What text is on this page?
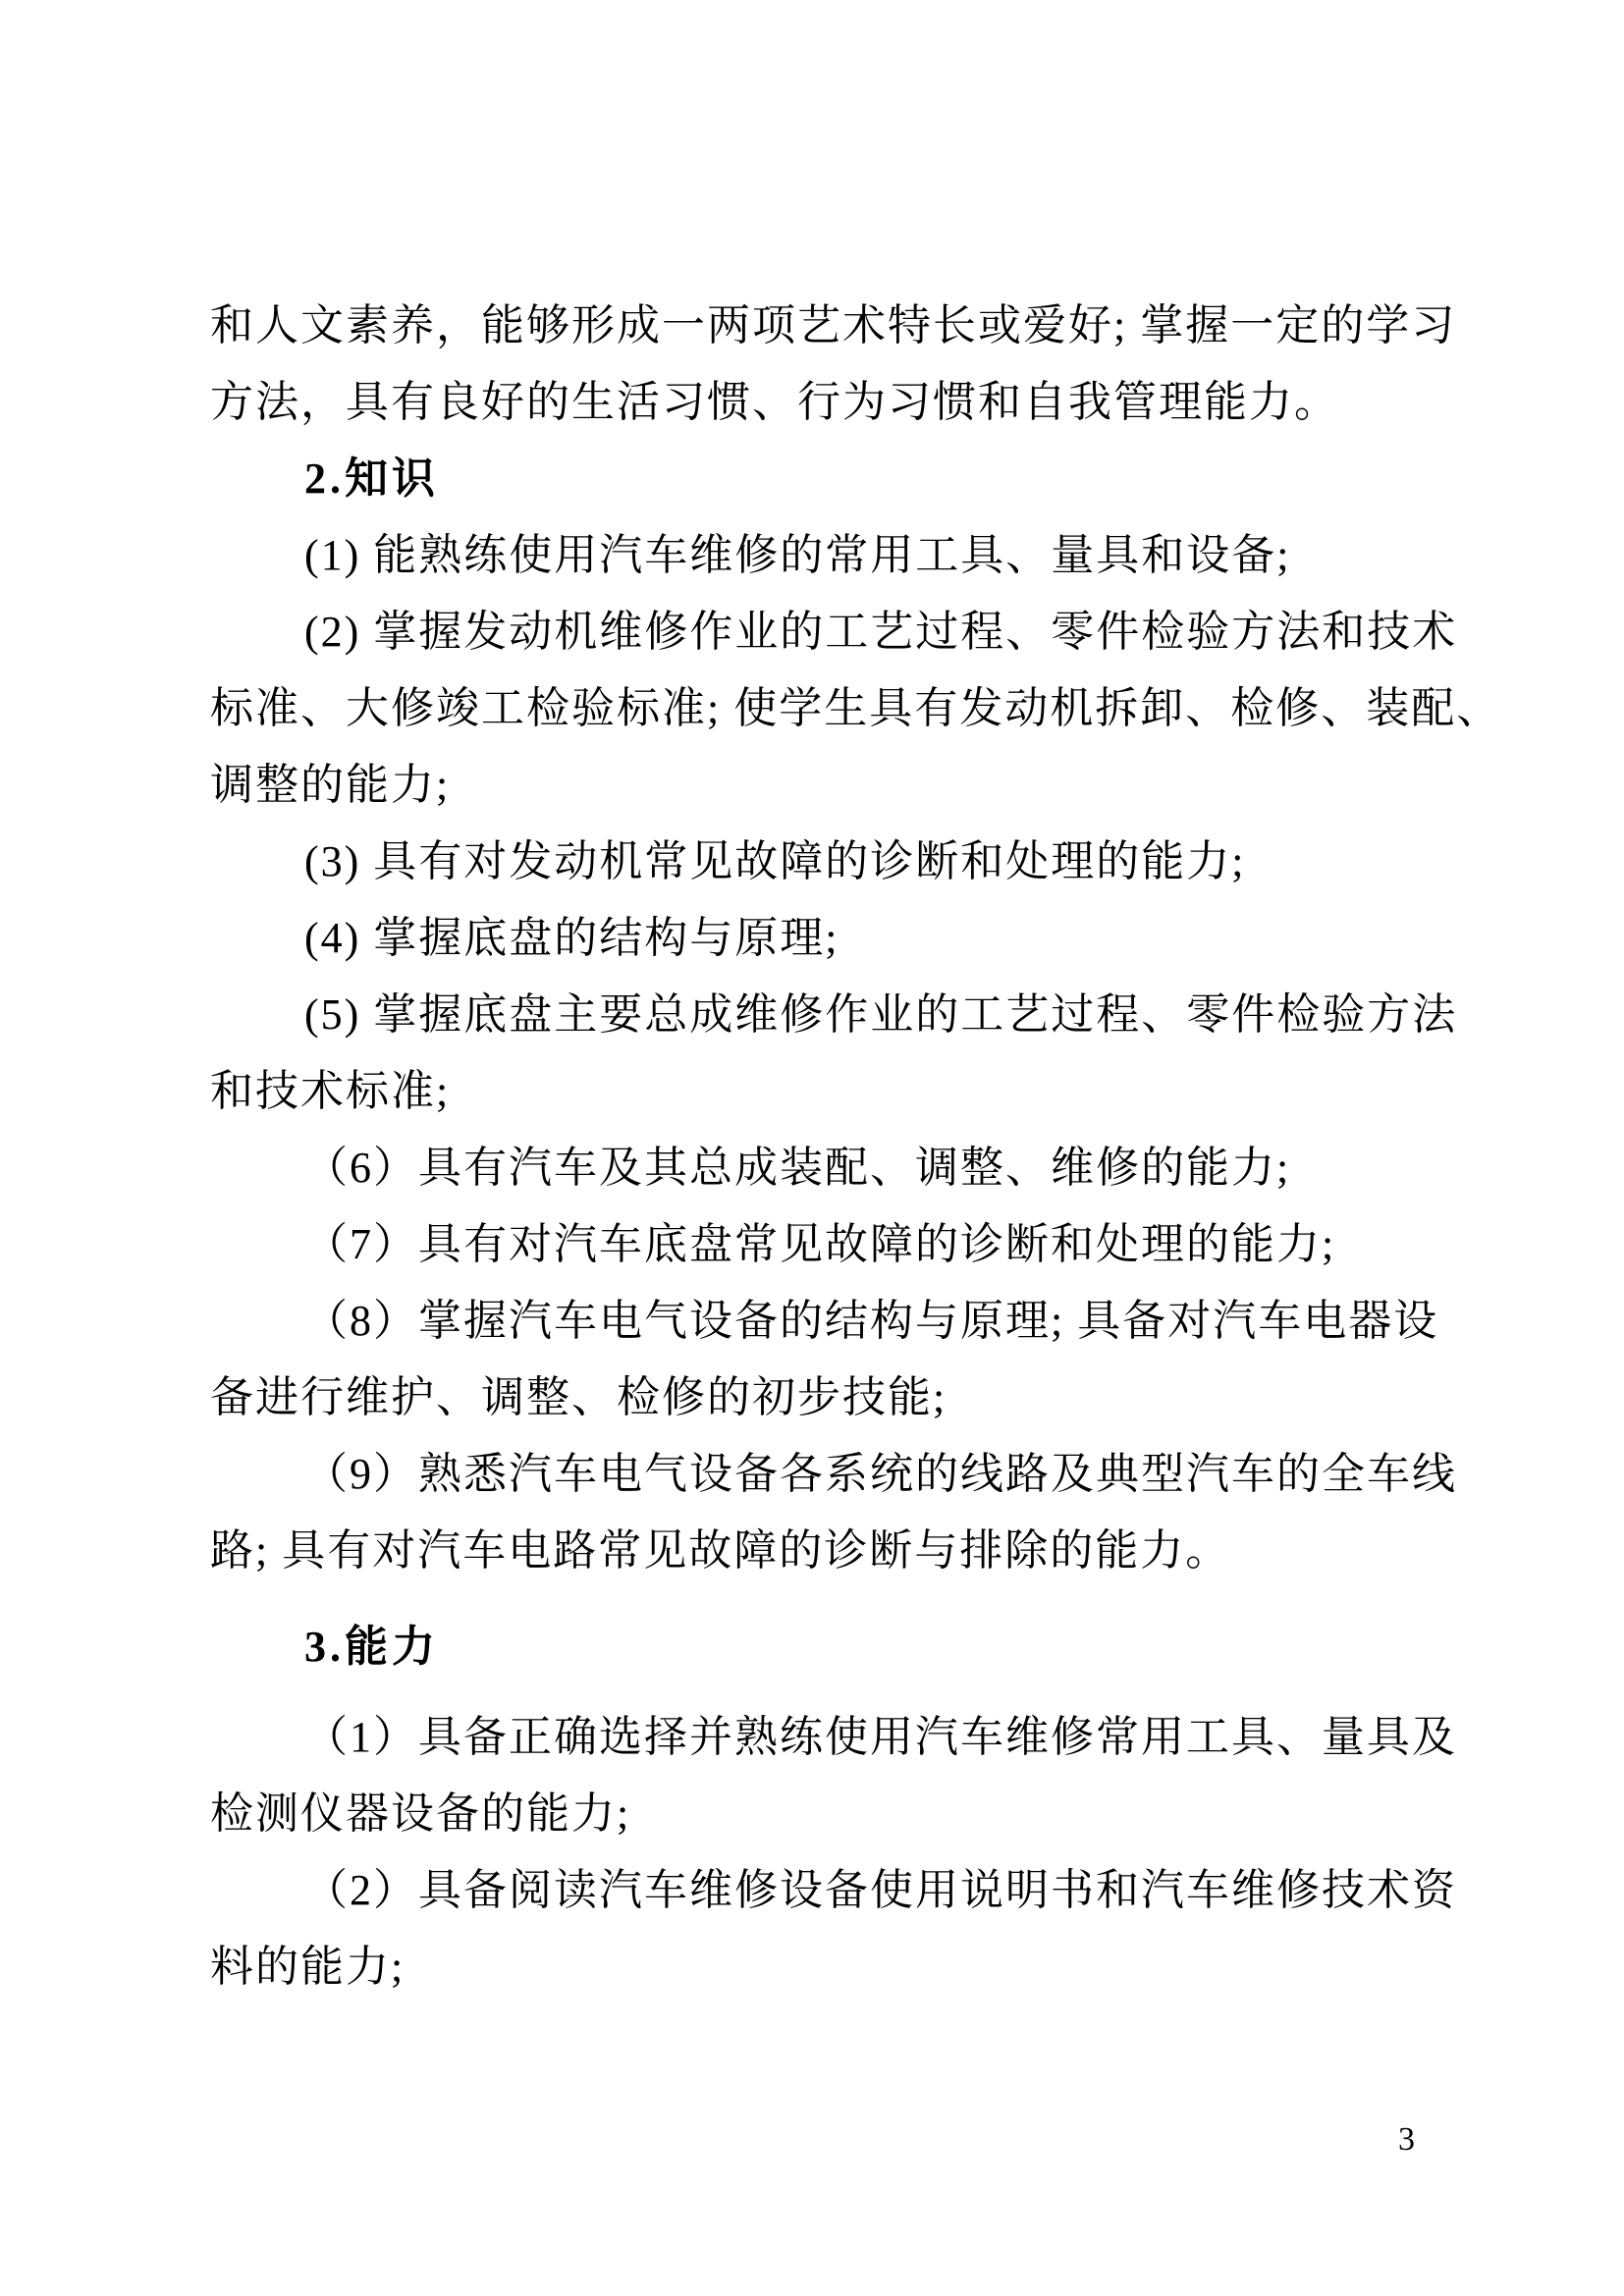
和人文素养，能够形成一两项艺术特长或爱好; 掌握一定的学习
方法，具有良好的生活习惯、行为习惯和自我管理能力。
2.知识
(1) 能熟练使用汽车维修的常用工具、量具和设备;
(2) 掌握发动机维修作业的工艺过程、零件检验方法和技术
标准、大修竣工检验标准; 使学生具有发动机拆卸、检修、装配、
调整的能力;
(3) 具有对发动机常见故障的诊断和处理的能力;
(4) 掌握底盘的结构与原理;
(5) 掌握底盘主要总成维修作业的工艺过程、零件检验方法
和技术标准;
（6）具有汽车及其总成装配、调整、维修的能力;
（7）具有对汽车底盘常见故障的诊断和处理的能力;
（8）掌握汽车电气设备的结构与原理; 具备对汽车电器设
备进行维护、调整、检修的初步技能;
（9）熟悉汽车电气设备各系统的线路及典型汽车的全车线
路; 具有对汽车电路常见故障的诊断与排除的能力。
3.能力
（1）具备正确选择并熟练使用汽车维修常用工具、量具及
检测仪器设备的能力;
（2）具备阅读汽车维修设备使用说明书和汽车维修技术资
料的能力;
3
